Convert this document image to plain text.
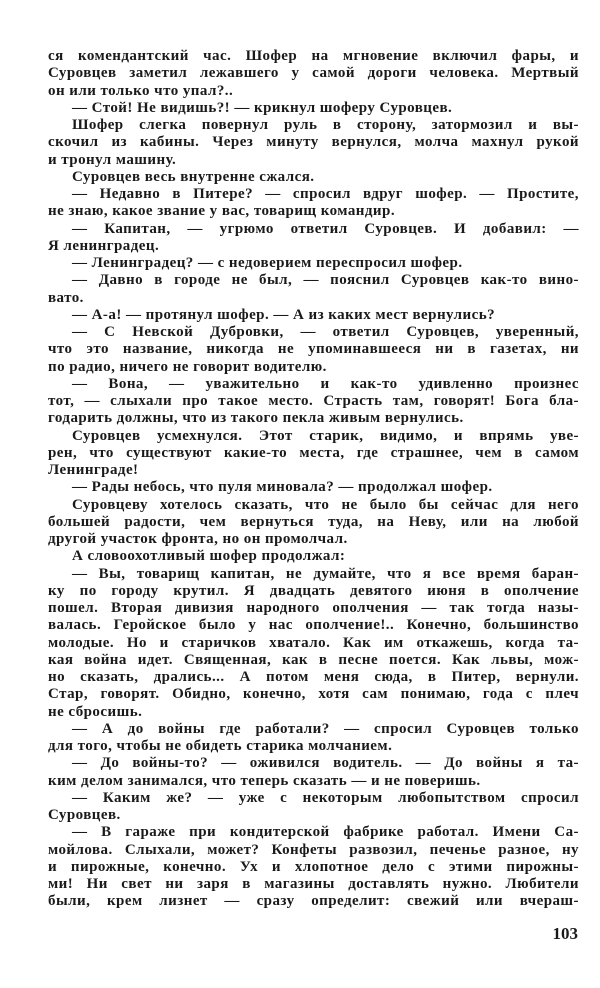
ся комендантский час. Шофер на мгновение включил фары, и
Суровцев заметил лежавшего у самой дороги человека. Мертвый
он или только что упал?..
— Стой! Не видишь?! — крикнул шоферу Суровцев.
Шофер слегка повернул руль в сторону, затормозил и вы-
скочил из кабины. Через минуту вернулся, молча махнул рукой
и тронул машину.
Суровцев весь внутренне сжался.
— Недавно в Питере? — спросил вдруг шофер. — Простите,
не знаю, какое звание у вас, товарищ командир.
— Капитан, — угрюмо ответил Суровцев. И добавил: —
Я ленинградец.
— Ленинградец? — с недоверием переспросил шофер.
— Давно в городе не был, — пояснил Суровцев как-то вино-
вато.
— А-а! — протянул шофер. — А из каких мест вернулись?
— С Невской Дубровки, — ответил Суровцев, уверенный,
что это название, никогда не упоминавшееся ни в газетах, ни
по радио, ничего не говорит водителю.
— Вона, — уважительно и как-то удивленно произнес
тот, — слыхали про такое место. Страсть там, говорят! Бога бла-
годарить должны, что из такого пекла живым вернулись.
Суровцев усмехнулся. Этот старик, видимо, и впрямь уве-
рен, что существуют какие-то места, где страшнее, чем в самом
Ленинграде!
— Рады небось, что пуля миновала? — продолжал шофер.
Суровцеву хотелось сказать, что не было бы сейчас для него
большей радости, чем вернуться туда, на Неву, или на любой
другой участок фронта, но он промолчал.
А словоохотливый шофер продолжал:
— Вы, товарищ капитан, не думайте, что я все время баран-
ку по городу крутил. Я двадцать девятого июня в ополчение
пошел. Вторая дивизия народного ополчения — так тогда назы-
валась. Геройское было у нас ополчение!.. Конечно, большинство
молодые. Но и старичков хватало. Как им откажешь, когда та-
кая война идет. Священная, как в песне поется. Как львы, мож-
но сказать, дрались... А потом меня сюда, в Питер, вернули.
Стар, говорят. Обидно, конечно, хотя сам понимаю, года с плеч
не сбросишь.
— А до войны где работали? — спросил Суровцев только
для того, чтобы не обидеть старика молчанием.
— До войны-то? — оживился водитель. — До войны я та-
ким делом занимался, что теперь сказать — и не поверишь.
— Каким же? — уже с некоторым любопытством спросил
Суровцев.
— В гараже при кондитерской фабрике работал. Имени Са-
мойлова. Слыхали, может? Конфеты развозил, печенье разное, ну
и пирожные, конечно. Ух и хлопотное дело с этими пирожны-
ми! Ни свет ни заря в магазины доставлять нужно. Любители
были, крем лизнет — сразу определит: свежий или вчераш-
103
